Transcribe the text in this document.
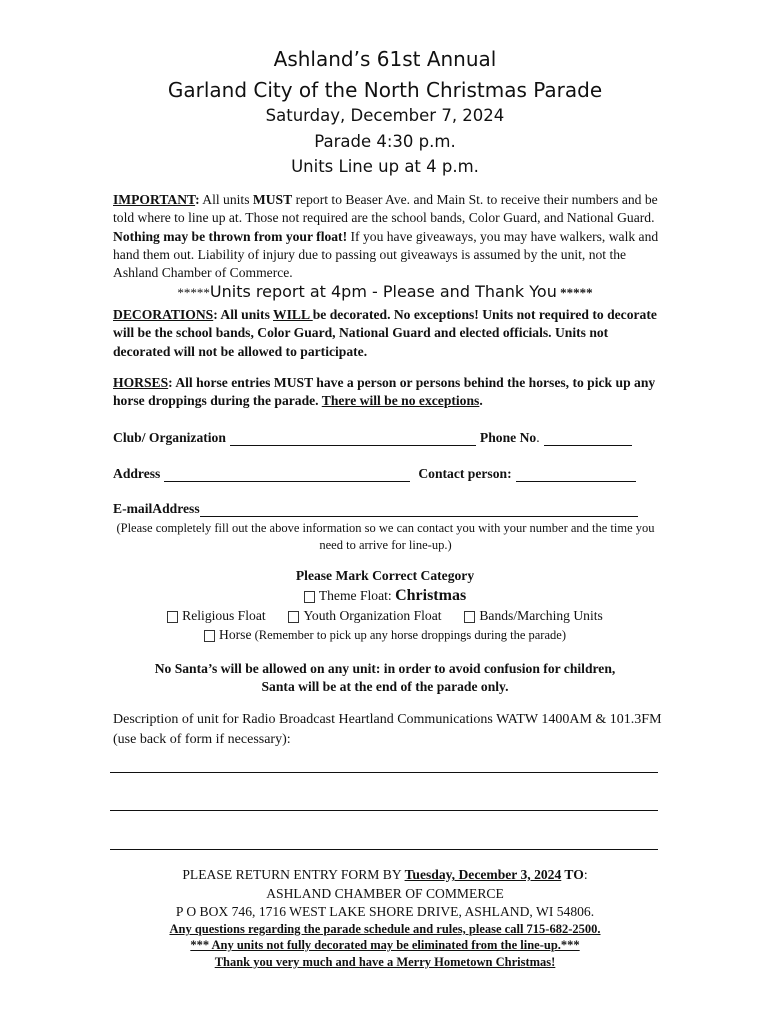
Ashland’s 61st Annual
Garland City of the North Christmas Parade
Saturday, December 7, 2024
Parade 4:30 p.m.
Units Line up at 4 p.m.
IMPORTANT: All units MUST report to Beaser Ave. and Main St. to receive their numbers and be told where to line up at. Those not required are the school bands, Color Guard, and National Guard. Nothing may be thrown from your float! If you have giveaways, you may have walkers, walk and hand them out. Liability of injury due to passing out giveaways is assumed by the unit, not the Ashland Chamber of Commerce.
*****Units report at 4pm - Please and Thank You *****
DECORATIONS: All units WILL be decorated. No exceptions! Units not required to decorate will be the school bands, Color Guard, National Guard and elected officials. Units not decorated will not be allowed to participate.
HORSES: All horse entries MUST have a person or persons behind the horses, to pick up any horse droppings during the parade. There will be no exceptions.
Club/ Organization	Phone No .
Address	Contact person:
E-mailAddress
(Please completely fill out the above information so we can contact you with your number and the time you need to arrive for line-up.)
Please Mark Correct Category
Theme Float: Christmas
Religious Float	Youth Organization Float	Bands/Marching Units
Horse (Remember to pick up any horse droppings during the parade)
No Santa’s will be allowed on any unit: in order to avoid confusion for children,
Santa will be at the end of the parade only.
Description of unit for Radio Broadcast Heartland Communications WATW 1400AM & 101.3FM (use back of form if necessary):
PLEASE RETURN ENTRY FORM BY Tuesday, December 3, 2024 TO:
ASHLAND CHAMBER OF COMMERCE
P O BOX 746, 1716 WEST LAKE SHORE DRIVE, ASHLAND, WI 54806.
Any questions regarding the parade schedule and rules, please call 715-682-2500.
*** Any units not fully decorated may be eliminated from the line-up.***
Thank you very much and have a Merry Hometown Christmas!
